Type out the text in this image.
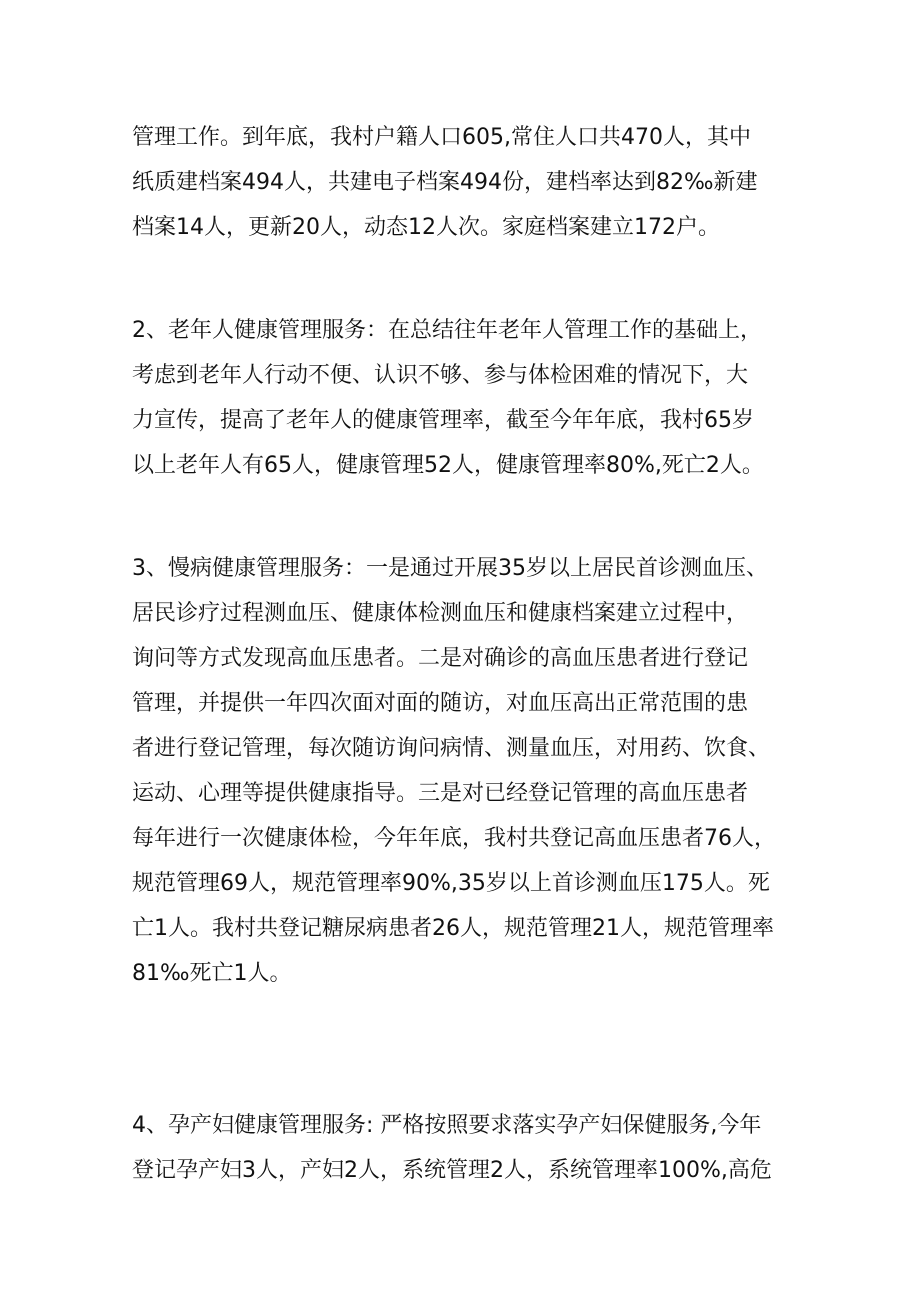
管理工作。到年底，我村户籍人口605,常住人口共470人，其中
纸质建档案494人，共建电子档案494份，建档率达到82‰新建
档案14人，更新20人，动态12人次。家庭档案建立172户。
2、老年人健康管理服务：在总结往年老年人管理工作的基础上，
考虑到老年人行动不便、认识不够、参与体检困难的情况下，大
力宣传，提高了老年人的健康管理率，截至今年年底，我村65岁
以上老年人有65人，健康管理52人，健康管理率80%,死亡2人。
3、慢病健康管理服务：一是通过开展35岁以上居民首诊测血压、
居民诊疗过程测血压、健康体检测血压和健康档案建立过程中，
询问等方式发现高血压患者。二是对确诊的高血压患者进行登记
管理，并提供一年四次面对面的随访，对血压高出正常范围的患
者进行登记管理，每次随访询问病情、测量血压，对用药、饮食、
运动、心理等提供健康指导。三是对已经登记管理的高血压患者
每年进行一次健康体检，今年年底，我村共登记高血压患者76人，
规范管理69人，规范管理率90%,35岁以上首诊测血压175人。死
亡1人。我村共登记糖尿病患者26人，规范管理21人，规范管理率
81‰死亡1人。
4、孕产妇健康管理服务: 严格按照要求落实孕产妇保健服务,今年
登记孕产妇3人，产妇2人，系统管理2人，系统管理率100%,高危
